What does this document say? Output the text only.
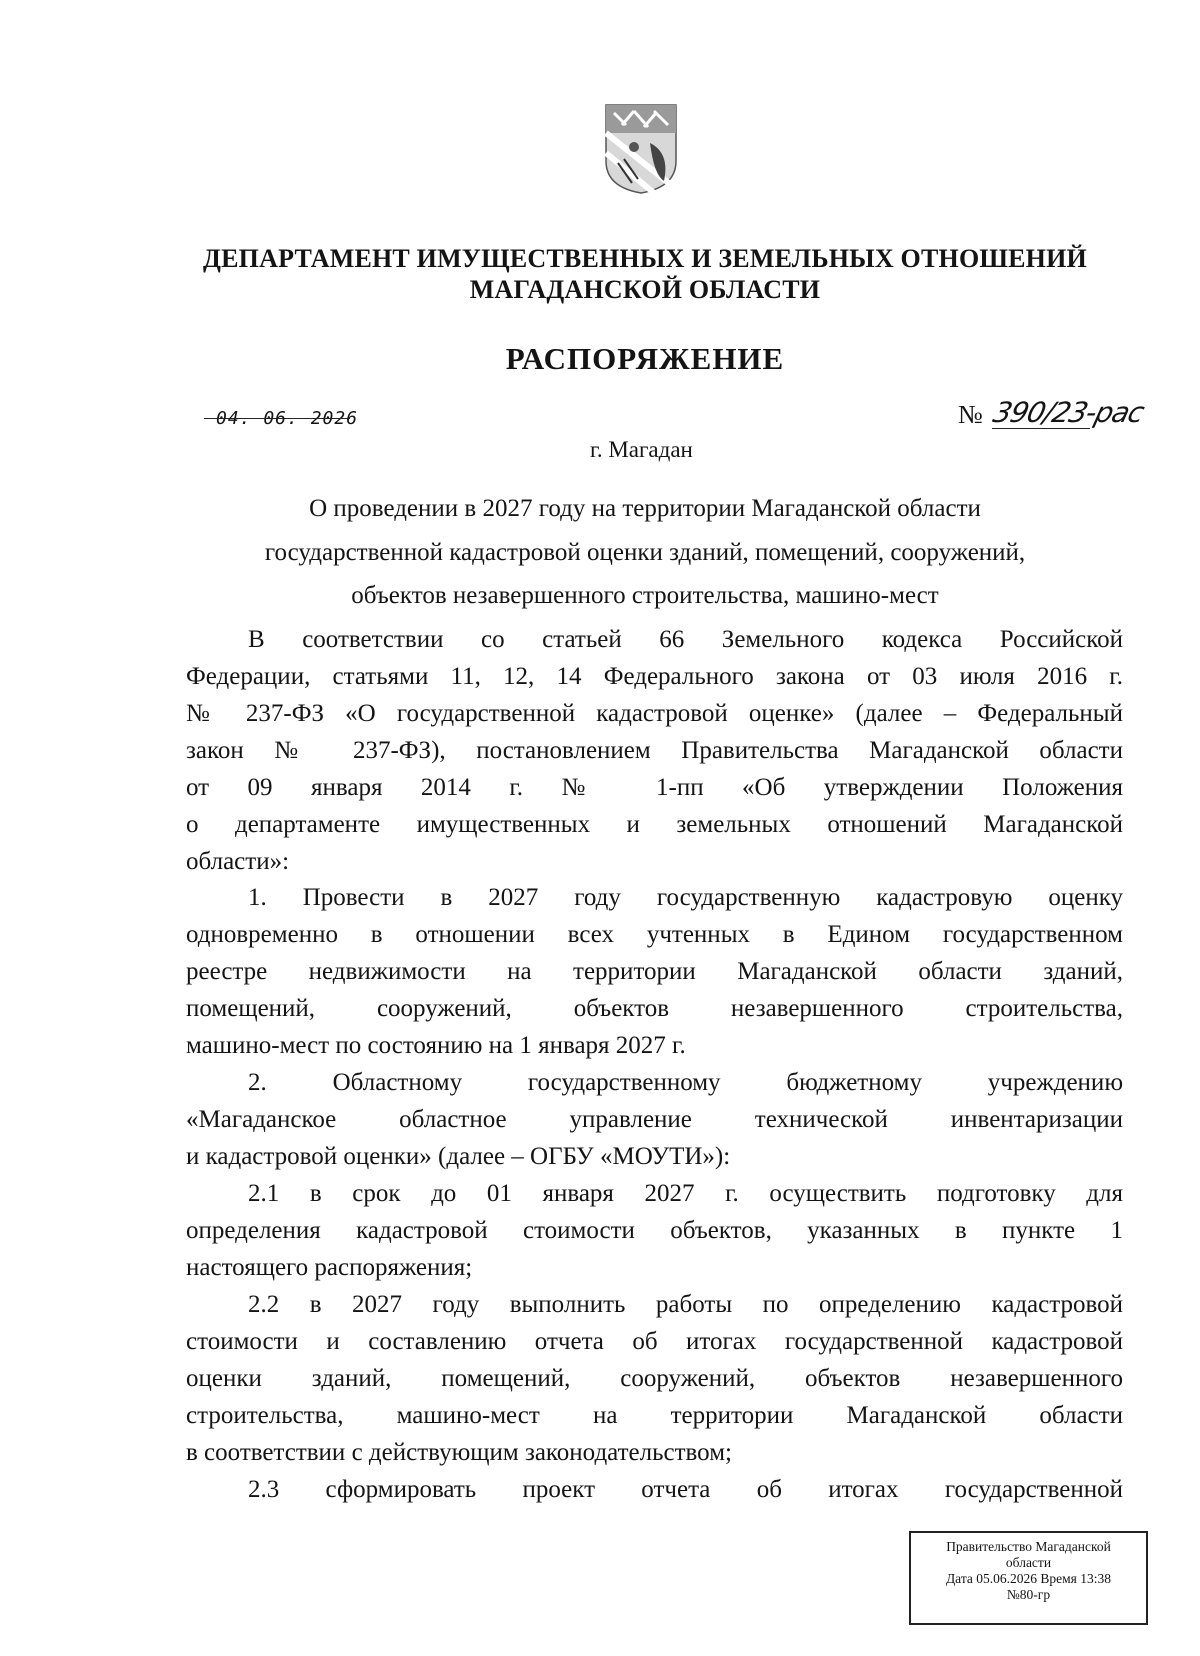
ДЕПАРТАМЕНТ ИМУЩЕСТВЕННЫХ И ЗЕМЕЛЬНЫХ ОТНОШЕНИЙ
МАГАДАНСКОЙ ОБЛАСТИ
РАСПОРЯЖЕНИЕ
04. 06. 2026	№ 390/23-рас
г. Магадан
О проведении в 2027 году на территории Магаданской области
государственной кадастровой оценки зданий, помещений, сооружений,
объектов незавершенного строительства, машино-мест
В соответствии со статьей 66 Земельного кодекса Российской
Федерации, статьями 11, 12, 14 Федерального закона от 03 июля 2016 г.
№ 237-ФЗ «О государственной кадастровой оценке» (далее – Федеральный
закон № 237-ФЗ), постановлением Правительства Магаданской области
от 09 января 2014 г. № 1-пп «Об утверждении Положения
о департаменте имущественных и земельных отношений Магаданской
области»:
1. Провести в 2027 году государственную кадастровую оценку
одновременно в отношении всех учтенных в Едином государственном
реестре недвижимости на территории Магаданской области зданий,
помещений, сооружений, объектов незавершенного строительства,
машино-мест по состоянию на 1 января 2027 г.
2. Областному государственному бюджетному учреждению
«Магаданское областное управление технической инвентаризации
и кадастровой оценки» (далее – ОГБУ «МОУТИ»):
2.1 в срок до 01 января 2027 г. осуществить подготовку для
определения кадастровой стоимости объектов, указанных в пункте 1
настоящего распоряжения;
2.2 в 2027 году выполнить работы по определению кадастровой
стоимости и составлению отчета об итогах государственной кадастровой
оценки зданий, помещений, сооружений, объектов незавершенного
строительства, машино-мест на территории Магаданской области
в соответствии с действующим законодательством;
2.3 сформировать проект отчета об итогах государственной
Правительство Магаданской
области
Дата 05.06.2026 Время 13:38
№80-гр
